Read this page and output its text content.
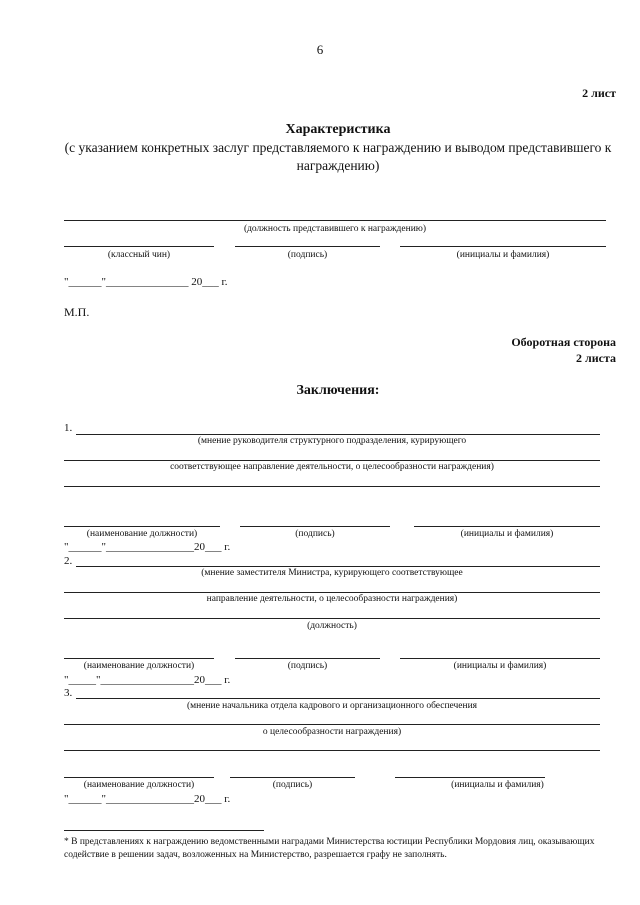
6
2 лист
Характеристика
(с указанием конкретных заслуг представляемого к награждению и выводом представившего к награждению)
(должность представившего к награждению)
(классный чин)	(подпись)	(инициалы и фамилия)
"______"_______________ 20___ г.
М.П.
Оборотная сторона
2 листа
Заключения:
1.
(мнение руководителя структурного подразделения, курирующего
соответствующее направление деятельности, о целесообразности награждения)
(наименование должности)	(подпись)	(инициалы и фамилия)
"______"________________20___ г.
2.
(мнение заместителя Министра, курирующего соответствующее
направление деятельности, о целесообразности награждения)
(должность)
(наименование должности)	(подпись)	(инициалы и фамилия)
"_____"_________________20___ г.
3.
(мнение начальника отдела кадрового и организационного обеспечения
о целесообразности награждения)
(наименование должности)	(подпись)	(инициалы и фамилия)
"______"________________20___ г.
* В представлениях к награждению ведомственными наградами Министерства юстиции Республики Мордовия лиц, оказывающих содействие в решении задач, возложенных на Министерство, разрешается графу не заполнять.
